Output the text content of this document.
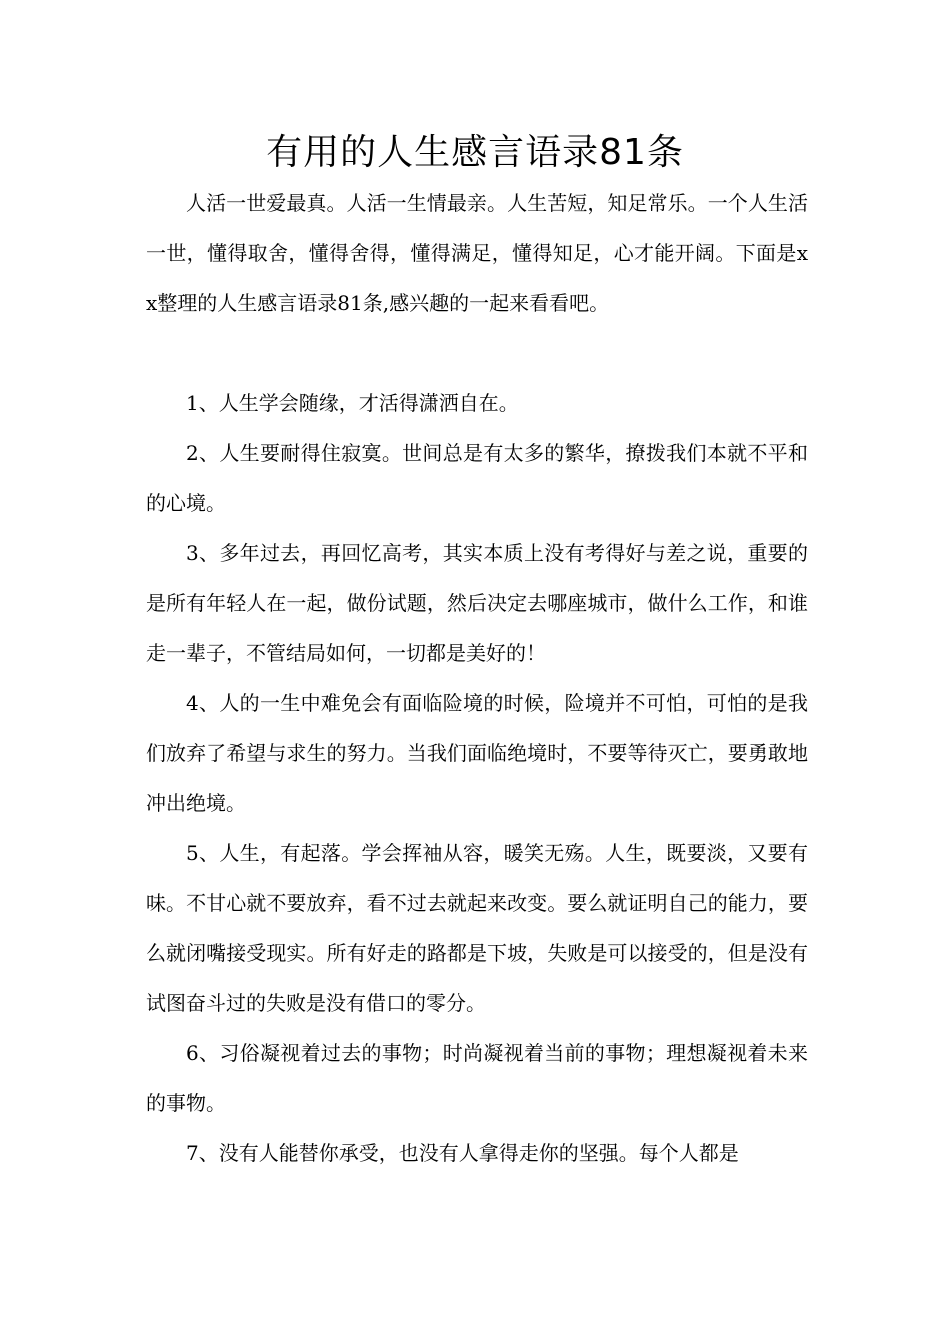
有用的人生感言语录81条

人活一世爱最真。人活一生情最亲。人生苦短，知足常乐。一个人生活一世，懂得取舍，懂得舍得，懂得满足，懂得知足，心才能开阔。下面是xx整理的人生感言语录81条,感兴趣的一起来看看吧。

1、人生学会随缘，才活得潇洒自在。

2、人生要耐得住寂寞。世间总是有太多的繁华，撩拨我们本就不平和的心境。

3、多年过去，再回忆高考，其实本质上没有考得好与差之说，重要的是所有年轻人在一起，做份试题，然后决定去哪座城市，做什么工作，和谁走一辈子，不管结局如何，一切都是美好的！

4、人的一生中难免会有面临险境的时候，险境并不可怕，可怕的是我们放弃了希望与求生的努力。当我们面临绝境时，不要等待灭亡，要勇敢地冲出绝境。

5、人生，有起落。学会挥袖从容，暖笑无殇。人生，既要淡，又要有味。不甘心就不要放弃，看不过去就起来改变。要么就证明自己的能力，要么就闭嘴接受现实。所有好走的路都是下坡，失败是可以接受的，但是没有试图奋斗过的失败是没有借口的零分。

6、习俗凝视着过去的事物；时尚凝视着当前的事物；理想凝视着未来的事物。

7、没有人能替你承受，也没有人拿得走你的坚强。每个人都是
